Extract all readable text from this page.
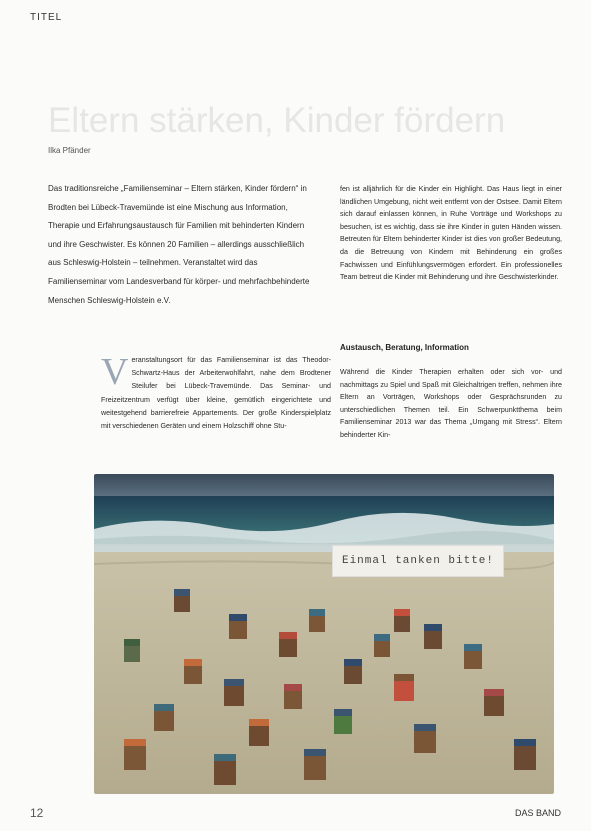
TITEL
Eltern stärken, Kinder fördern
Ilka Pfänder
Das traditionsreiche „Familienseminar – Eltern stärken, Kinder fördern“ in Brodten bei Lübeck-Travemünde ist eine Mischung aus Information, Therapie und Erfahrungsaustausch für Familien mit behinderten Kindern und ihre Geschwister. Es können 20 Familien – allerdings ausschließlich aus Schleswig-Holstein – teilnehmen. Veranstaltet wird das Familienseminar vom Landesverband für körper- und mehrfachbehinderte Menschen Schleswig-Holstein e.V.
V eranstaltungsort für das Familienseminar ist das Theodor-Schwartz-Haus der Arbeiterwohlfahrt, nahe dem Brodtener Steilufer bei Lübeck-Travemünde. Das Seminar- und Freizeitzentrum verfügt über kleine, gemütlich eingerichtete und weitestgehend barrierefreie Appartements. Der große Kinderspielplatz mit verschiedenen Geräten und einem Holzschiff ohne Stu-
fen ist alljährlich für die Kinder ein Highlight. Das Haus liegt in einer ländlichen Umgebung, nicht weit entfernt von der Ostsee. Damit Eltern sich darauf einlassen können, in Ruhe Vorträge und Workshops zu besuchen, ist es wichtig, dass sie ihre Kinder in guten Händen wissen. Betreuten für Eltern behinderter Kinder ist dies von großer Bedeutung, da die Betreuung von Kindern mit Behinderung ein großes Fachwissen und Einfühlungsvermögen erfordert. Ein professionelles Team betreut die Kinder mit Behinderung und ihre Geschwisterkinder.
Austausch, Beratung, Information
Während die Kinder Therapien erhalten oder sich vor- und nachmittags zu Spiel und Spaß mit Gleichaltrigen treffen, nehmen ihre Eltern an Vorträgen, Workshops oder Gesprächsrunden zu unterschiedlichen Themen teil. Ein Schwerpunktthema beim Familienseminar 2013 war das Thema „Umgang mit Stress“. Eltern behinderter Kin-
Einmal tanken bitte!
12	DAS BAND
